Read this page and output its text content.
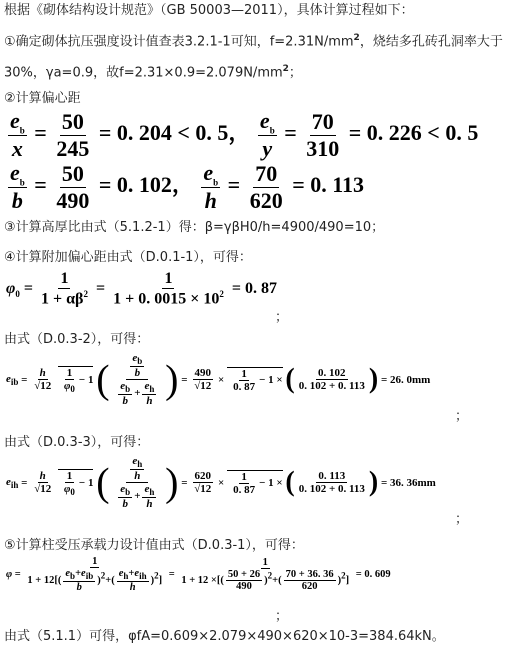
根据《砌体结构设计规范》（GB 50003—2011），具体计算过程如下：
①确定砌体抗压强度设计值查表3.2.1-1可知，$f=2.31N/mm^2$，烧结多孔砖孔洞率大于
30%，γa=0.9，故$f=2.31\times 0.9=2.079N/mm^2$；
②计算偏心距
$\frac{e_b}{x} = \frac{50}{245} = 0$. 204 < 0. 5， $\frac{e_b}{y} = \frac{70}{310} = 0$. 226 < 0. 5
$\frac{e_b}{b} = \frac{50}{490} = 0$. 102， $\frac{e_b}{h} = \frac{70}{620} = 0$. 113
③计算高厚比由式（5.1.2-1）得：β=γβH0/h=4900/490=10；
④计算附加偏心距由式（D.0.1-1），可得：
$\varphi_0 = \frac{1}{1 + \alpha\beta^2} = \frac{1}{1 + 0. 0015 \times 10^2} = 0$. 87
；
由式（D.0.3-2），可得：
$e_{ib} = \frac{h}{√12}$
$\frac{1}{\varphi_0} - 1$ ( $\frac{\frac{e_b}{b}}{\frac{e_b}{b} + \frac{e_h}{h}}$ ) = $\frac{490}{√12} \times \frac{1}{0. 87} - 1$ × ( $\frac{0. 102}{0. 102 + 0. 113}$ ) = 26. 0mm
；
由式（D.0.3-3），可得：
$e_{ih} = \frac{h}{√12}$
$\frac{1}{\varphi_0} - 1$ ( $\frac{\frac{e_h}{h}}{\frac{e_b}{b} + \frac{e_h}{h}}$ ) = $\frac{620}{√12} \times \frac{1}{0. 87} - 1$ × ( $\frac{0. 113}{0. 102 + 0. 113}$ ) = 36. 36mm
；
⑤计算柱受压承载力设计值由式（D.0.3-1），可得：
$\varphi = \frac{1}{1 + 12[( \frac{e_b+e_{ib}}{b} )^2+( \frac{e_h+e_{ih}}{h} )^2]} = \frac{1}{1 + 12 \times[( \frac{50 + 26}{490} )^2+( \frac{70 + 36. 36}{620} )^2]} = 0$. 609
；
由式（5.1.1）可得，φfA=0.609×2.079×490×620×10-3=384.64kN。
